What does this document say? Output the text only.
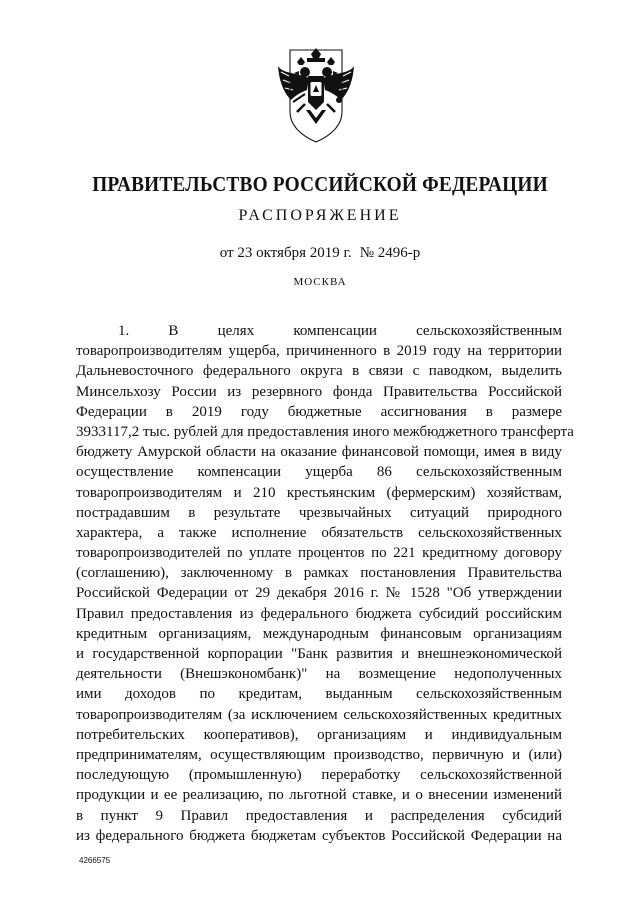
ПРАВИТЕЛЬСТВО РОССИЙСКОЙ ФЕДЕРАЦИИ
РАСПОРЯЖЕНИЕ
от 23 октября 2019 г. № 2496-р
МОСКВА
1. В целях компенсации сельскохозяйственным
товаропроизводителям ущерба, причиненного в 2019 году на территории
Дальневосточного федерального округа в связи с паводком, выделить
Минсельхозу России из резервного фонда Правительства Российской
Федерации в 2019 году бюджетные ассигнования в размере
3933117,2 тыс. рублей для предоставления иного межбюджетного трансферта
бюджету Амурской области на оказание финансовой помощи, имея в виду
осуществление компенсации ущерба 86 сельскохозяйственным
товаропроизводителям и 210 крестьянским (фермерским) хозяйствам,
пострадавшим в результате чрезвычайных ситуаций природного
характера, а также исполнение обязательств сельскохозяйственных
товаропроизводителей по уплате процентов по 221 кредитному договору
(соглашению), заключенному в рамках постановления Правительства
Российской Федерации от 29 декабря 2016 г. № 1528 "Об утверждении
Правил предоставления из федерального бюджета субсидий российским
кредитным организациям, международным финансовым организациям
и государственной корпорации "Банк развития и внешнеэкономической
деятельности (Внешэкономбанк)" на возмещение недополученных
ими доходов по кредитам, выданным сельскохозяйственным
товаропроизводителям (за исключением сельскохозяйственных кредитных
потребительских кооперативов), организациям и индивидуальным
предпринимателям, осуществляющим производство, первичную и (или)
последующую (промышленную) переработку сельскохозяйственной
продукции и ее реализацию, по льготной ставке, и о внесении изменений
в пункт 9 Правил предоставления и распределения субсидий
из федерального бюджета бюджетам субъектов Российской Федерации на
4266575
